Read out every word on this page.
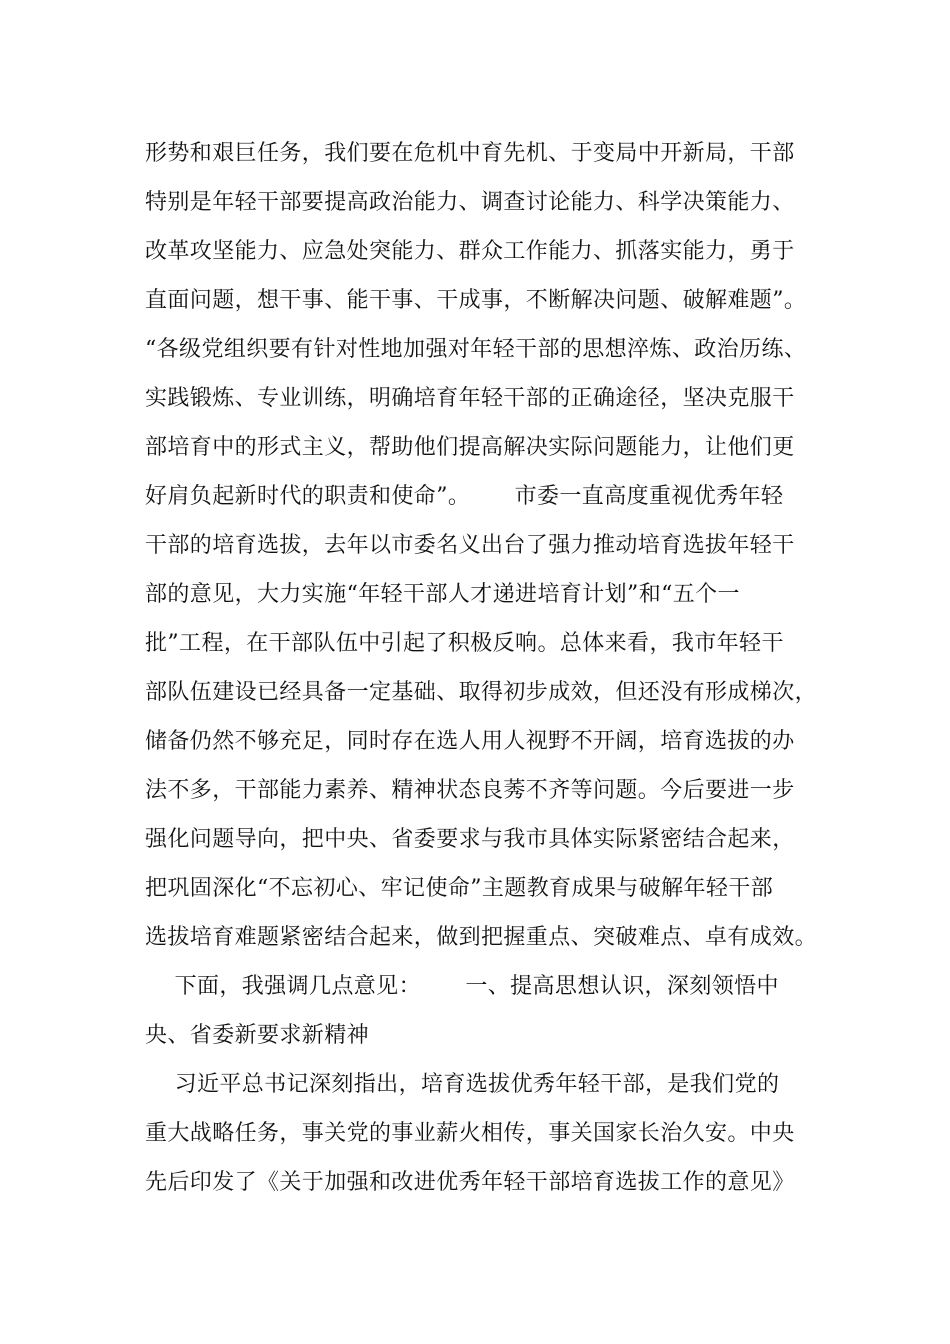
形势和艰巨任务，我们要在危机中育先机、于变局中开新局，干部

特别是年轻干部要提高政治能力、调查讨论能力、科学决策能力、

改革攻坚能力、应急处突能力、群众工作能力、抓落实能力，勇于

直面问题，想干事、能干事、干成事，不断解决问题、破解难题”。

“各级党组织要有针对性地加强对年轻干部的思想淬炼、政治历练、

实践锻炼、专业训练，明确培育年轻干部的正确途径，坚决克服干

部培育中的形式主义，帮助他们提高解决实际问题能力，让他们更

好肩负起新时代的职责和使命”。      市委一直高度重视优秀年轻

干部的培育选拔，去年以市委名义出台了强力推动培育选拔年轻干

部的意见，大力实施“年轻干部人才递进培育计划”和“五个一

批”工程，在干部队伍中引起了积极反响。总体来看，我市年轻干

部队伍建设已经具备一定基础、取得初步成效，但还没有形成梯次，

储备仍然不够充足，同时存在选人用人视野不开阔，培育选拔的办

法不多，干部能力素养、精神状态良莠不齐等问题。今后要进一步

强化问题导向，把中央、省委要求与我市具体实际紧密结合起来，

把巩固深化“不忘初心、牢记使命”主题教育成果与破解年轻干部

选拔培育难题紧密结合起来，做到把握重点、突破难点、卓有成效。

下面，我强调几点意见：      一、提高思想认识，深刻领悟中

央、省委新要求新精神

习近平总书记深刻指出，培育选拔优秀年轻干部，是我们党的

重大战略任务，事关党的事业薪火相传，事关国家长治久安。中央

先后印发了《关于加强和改进优秀年轻干部培育选拔工作的意见》
